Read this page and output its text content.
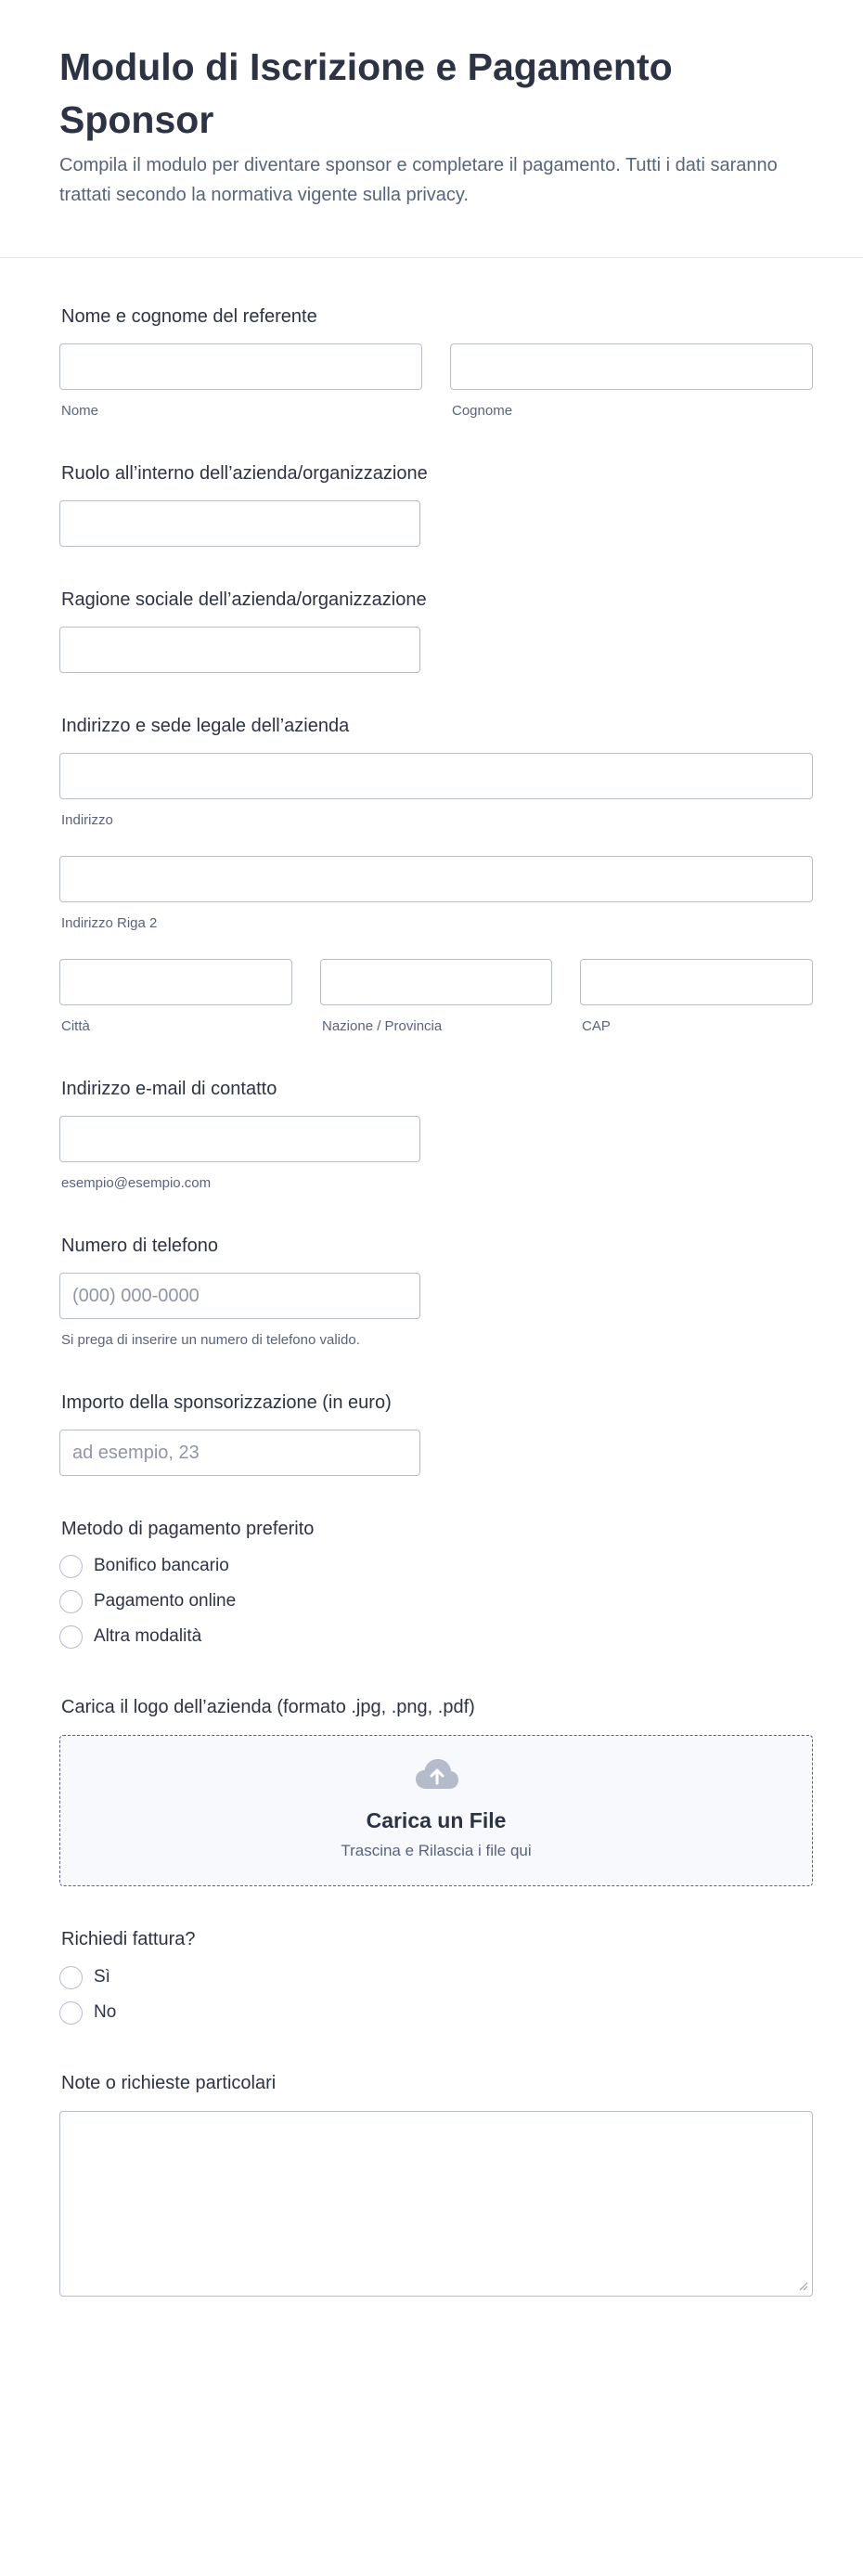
Modulo di Iscrizione e Pagamento Sponsor

Compila il modulo per diventare sponsor e completare il pagamento. Tutti i dati saranno trattati secondo la normativa vigente sulla privacy.

Nome e cognome del referente
Nome	Cognome
Ruolo all’interno dell’azienda/organizzazione
Ragione sociale dell’azienda/organizzazione
Indirizzo e sede legale dell’azienda
Indirizzo
Indirizzo Riga 2
Città	Nazione / Provincia	CAP
Indirizzo e-mail di contatto
esempio@esempio.com
Numero di telefono
(000) 000-0000
Si prega di inserire un numero di telefono valido.
Importo della sponsorizzazione (in euro)
ad esempio, 23
Metodo di pagamento preferito
Bonifico bancario
Pagamento online
Altra modalità
Carica il logo dell’azienda (formato .jpg, .png, .pdf)
Carica un File
Trascina e Rilascia i file qui
Richiedi fattura?
Sì
No
Note o richieste particolari
